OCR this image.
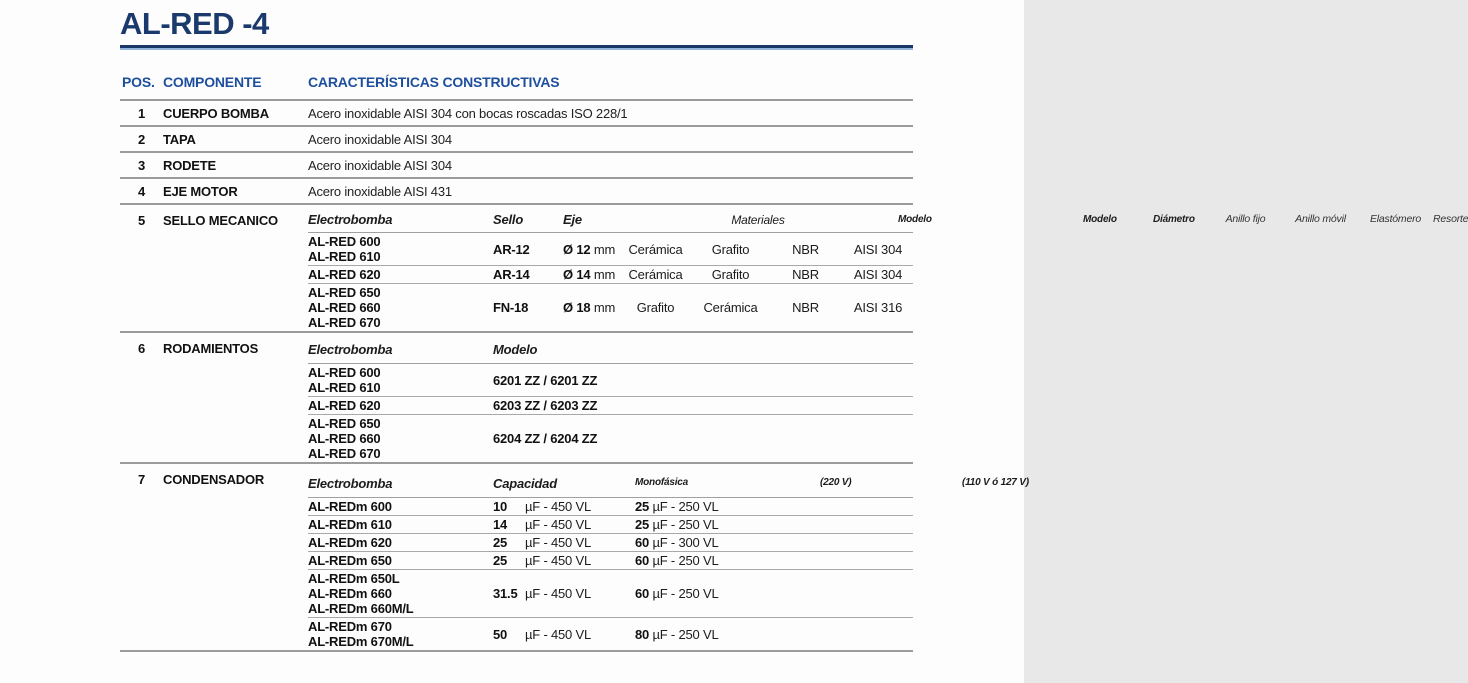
AL-RED -4
POS. COMPONENTE	CARACTERÍSTICAS CONSTRUCTIVAS
1	CUERPO BOMBA	Acero inoxidable AISI 304 con bocas roscadas ISO 228/1
2	TAPA	Acero inoxidable AISI 304
3	RODETE	Acero inoxidable AISI 304
4	EJE MOTOR	Acero inoxidable AISI 431
5	SELLO MECANICO	Electrobomba	Sello	Eje	Materiales	Modelo	Modelo	Diámetro	Anillo fijo	Anillo móvil	Elastómero	Resorte
AL-RED 600
AL-RED 610	AR-12	Ø 12 mm	Cerámica	Grafito	NBR	AISI 304
AL-RED 620	AR-14	Ø 14 mm	Cerámica	Grafito	NBR	AISI 304
AL-RED 650
AL-RED 660
AL-RED 670
FN-18	Ø 18 mm	Grafito	Cerámica	NBR	AISI 316
6	RODAMIENTOS	Electrobomba	Modelo
AL-RED 600
AL-RED 610	6201 ZZ / 6201 ZZ
AL-RED 620	6203 ZZ / 6203 ZZ
AL-RED 650
AL-RED 660
AL-RED 670
6204 ZZ / 6204 ZZ
7	CONDENSADOR	Electrobomba	Capacidad	Monofásica	(220 V)	(110 V ó 127 V)
AL-REDm 600	10 µF - 450 VL	25 µF - 250 VL
AL-REDm 610	14 µF - 450 VL	25 µF - 250 VL
AL-REDm 620	25 µF - 450 VL	60 µF - 300 VL
AL-REDm 650	25 µF - 450 VL	60 µF - 250 VL
AL-REDm 650L
AL-REDm 660
AL-REDm 660M/L
31.5 µF - 450 VL	60 µF - 250 VL
AL-REDm 670
AL-REDm 670M/L	50 µF - 450 VL	80 µF - 250 VL
